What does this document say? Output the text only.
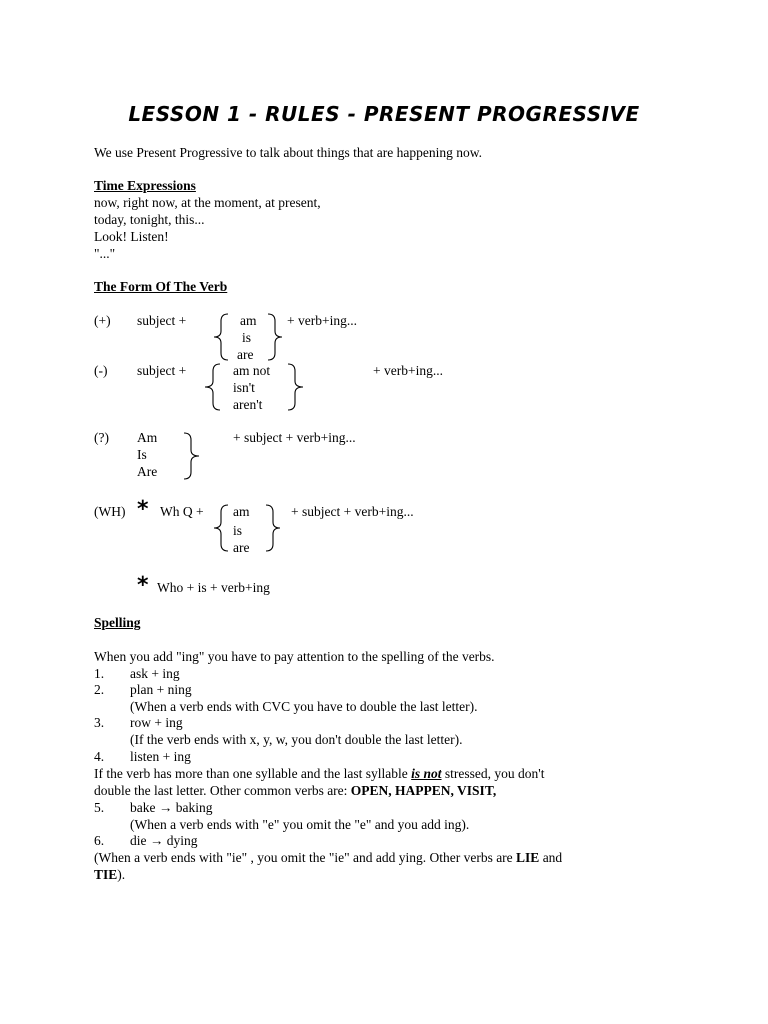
LESSON 1 - RULES - PRESENT PROGRESSIVE
We use Present Progressive to talk about things that are happening now.
Time Expressions
now, right now, at the moment, at present,
today, tonight, this...
Look! Listen!
"..."
The Form Of The Verb
(+) subject +	am
is
are
+ verb+ing...
(-) subject +	am not
isn't
aren't
+ verb+ing...
(?) Am
Is
Are
+ subject + verb+ing...
(WH) * Wh Q + am
is
are
+ subject + verb+ing...
* Who + is + verb+ing
Spelling
When you add "ing" you have to pay attention to the spelling of the verbs.
1. ask + ing
2. plan + ning
(When a verb ends with CVC you have to double the last letter).
3. row + ing
(If the verb ends with x, y, w, you don't double the last letter).
4. listen + ing
If the verb has more than one syllable and the last syllable is not stressed, you don't
double the last letter. Other common verbs are: OPEN, HAPPEN, VISIT,
5. bake → baking
(When a verb ends with "e" you omit the "e" and you add ing).
6. die → dying
(When a verb ends with "ie" , you omit the "ie" and add ying. Other verbs are LIE and
TIE).
